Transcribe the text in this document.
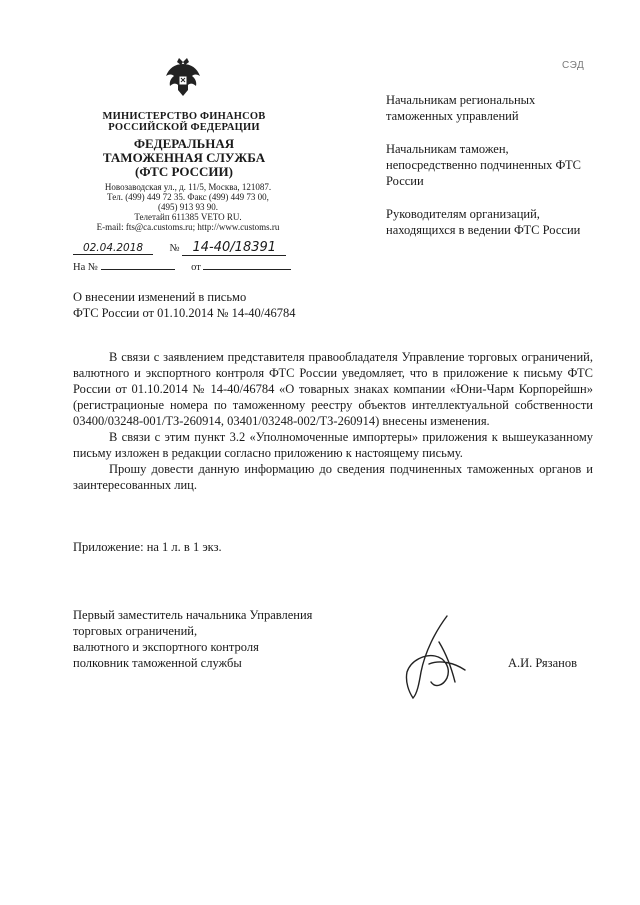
МИНИСТЕРСТВО ФИНАНСОВ
РОССИЙСКОЙ ФЕДЕРАЦИИ
ФЕДЕРАЛЬНАЯ
ТАМОЖЕННАЯ СЛУЖБА
(ФТС РОССИИ)
Новозаводская ул., д. 11/5, Москва, 121087.
Тел. (499) 449 72 35. Факс (499) 449 73 00,
(495) 913 93 90.
Телетайп 611385 VETO RU.
E-mail: fts@ca.customs.ru; http://www.customs.ru
02.04.2018	№ 14-40/18391
На №	от
СЭД
Начальникам региональных таможенных управлений
Начальникам таможен, непосредственно подчиненных ФТС России
Руководителям организаций, находящихся в ведении ФТС России
О внесении изменений в письмо
ФТС России от 01.10.2014 № 14-40/46784

В связи с заявлением представителя правообладателя Управление торговых ограничений, валютного и экспортного контроля ФТС России уведомляет, что в приложение к письму ФТС России от 01.10.2014 № 14-40/46784 «О товарных знаках компании «Юни-Чарм Корпорейшн» (регистрационые номера по таможенному реестру объектов интеллектуальной собственности 03400/03248-001/ТЗ-260914, 03401/03248-002/ТЗ-260914) внесены изменения.

В связи с этим пункт 3.2 «Уполномоченные импортеры» приложения к вышеуказанному письму изложен в редакции согласно приложению к настоящему письму.

Прошу довести данную информацию до сведения подчиненных таможенных органов и заинтересованных лиц.

Приложение: на 1 л. в 1 экз.
Первый заместитель начальника Управления
торговых ограничений,
валютного и экспортного контроля
полковник таможенной службы	А.И. Рязанов
